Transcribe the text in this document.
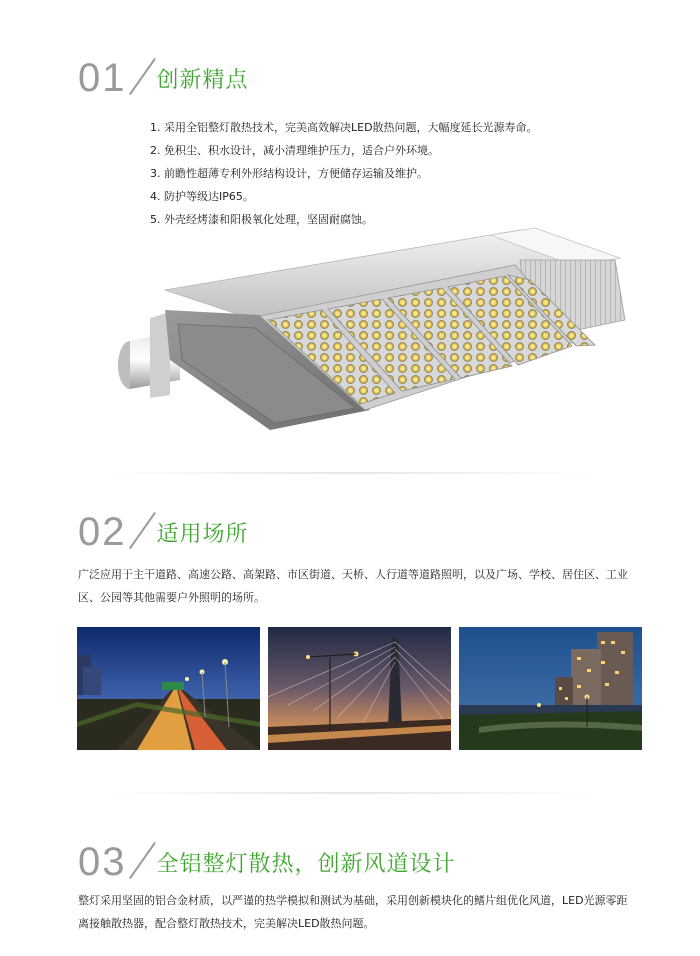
01 创新精点
1. 采用全铝整灯散热技术，完美高效解决LED散热问题，大幅度延长光源寿命。
2. 免积尘、积水设计，减小清理维护压力，适合户外环境。
3. 前瞻性超薄专利外形结构设计，方便储存运输及维护。
4. 防护等级达IP65。
5. 外壳经烤漆和阳极氧化处理，坚固耐腐蚀。
02 适用场所

广泛应用于主干道路、高速公路、高架路、市区街道、天桥、人行道等道路照明，以及广场、学校、居住区、工业区、公园等其他需要户外照明的场所。

03 全铝整灯散热，创新风道设计

整灯采用坚固的铝合金材质，以严谨的热学模拟和测试为基础，采用创新模块化的鳍片组优化风道，LED光源零距离接触散热器，配合整灯散热技术，完美解决LED散热问题。
